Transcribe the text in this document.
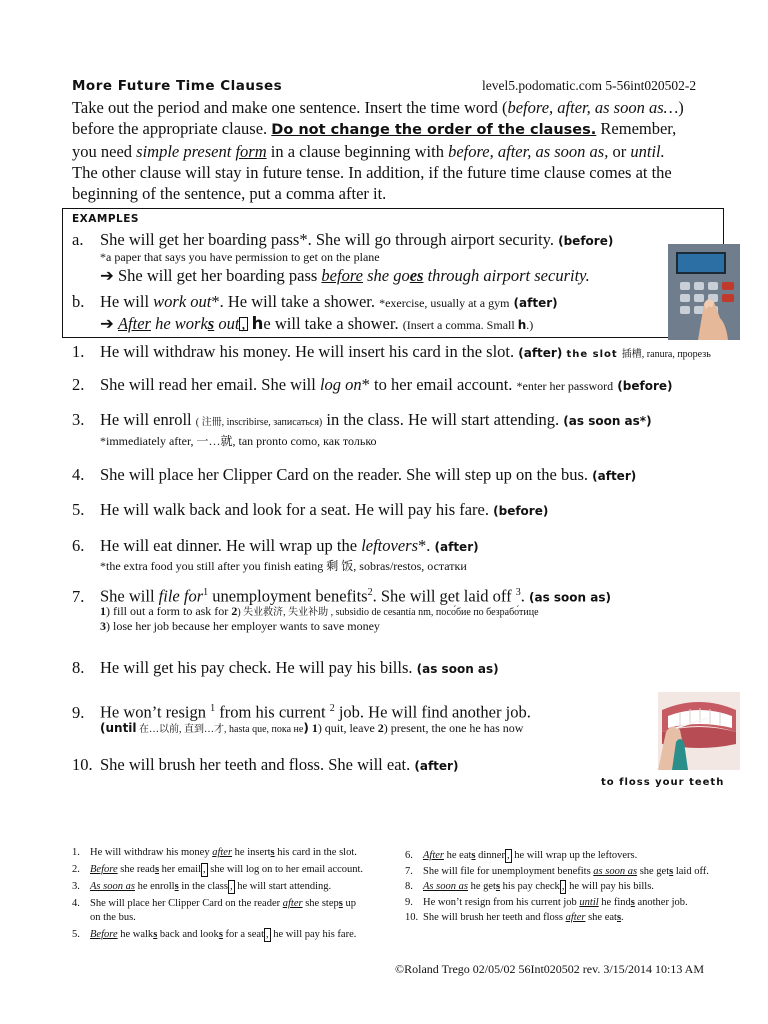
More Future Time Clauses	level5.podomatic.com 5-56int020502-2
Take out the period and make one sentence. Insert the time word (before, after, as soon as…)
before the appropriate clause. Do not change the order of the clauses. Remember,
you need simple present form in a clause beginning with before, after, as soon as, or until.
The other clause will stay in future tense. In addition, if the future time clause comes at the
beginning of the sentence, put a comma after it.
EXAMPLES
a. She will get her boarding pass*. She will go through airport security. (before)
*a paper that says you have permission to get on the plane
➔ She will get her boarding pass before she goes through airport security.
b. He will work out*. He will take a shower. *exercise, usually at a gym (after)
➔ After he works out , he will take a shower. (Insert a comma. Small h.)
1. He will withdraw his money. He will insert his card in the slot. (after) the slot 插槽, ranura, прорезь
2. She will read her email. She will log on* to her email account. *enter her password (before)
3. He will enroll ( 注冊, inscribirse, записаться) in the class. He will start attending. (as soon as*)
*immediately after, 一…就, tan pronto como, как только
4. She will place her Clipper Card on the reader. She will step up on the bus. (after)
5. He will walk back and look for a seat. He will pay his fare. (before)
6. He will eat dinner. He will wrap up the leftovers*. (after)
*the extra food you still after you finish eating 剩 饭, sobras/restos, остатки
7. She will file for$^1$ unemployment benefits$^2$. She will get laid off $^3$. (as soon as)
1) fill out a form to ask for 2) 失业救济, 失业补助 , subsidio de cesantía nm, посо́бие по безрабо́тице
3) lose her job because her employer wants to save money
8. He will get his pay check. He will pay his bills. (as soon as)
9. He won’t resign $^1$ from his current $^2$ job. He will find another job.
(until 在…以前, 直到…才, hasta que, пока не) 1) quit, leave 2) present, the one he has now
10. She will brush her teeth and floss. She will eat. (after)
to floss your teeth
1. He will withdraw his money after he inserts his card in the slot.
2. Before she reads her email , she will log on to her email account.
3. As soon as he enrolls in the class , he will start attending.
4. She will place her Clipper Card on the reader after she steps up
on the bus.
5. Before he walks back and looks for a seat , he will pay his fare.
6. After he eats dinner , he will wrap up the leftovers.
7. She will file for unemployment benefits as soon as she gets laid off.
8. As soon as he gets his pay check , he will pay his bills.
9. He won’t resign from his current job until he finds another job.
10. She will brush her teeth and floss after she eats.
©Roland Trego 02/05/02 56Int020502 rev. 3/15/2014 10:13 AM
